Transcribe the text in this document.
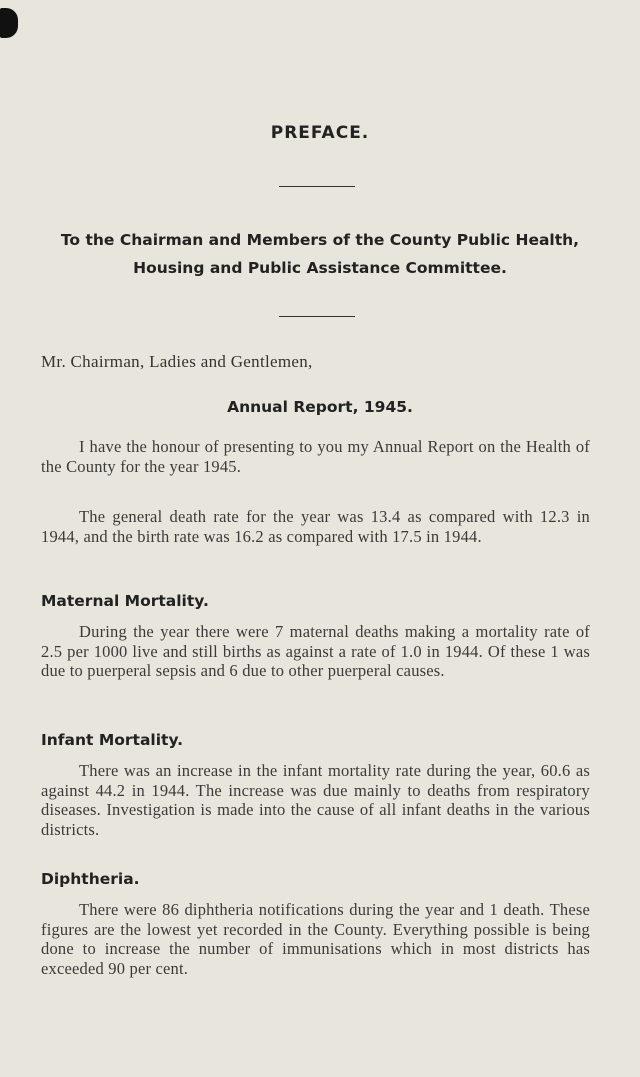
PREFACE.
To the Chairman and Members of the County Public Health,
Housing and Public Assistance Committee.
Mr. Chairman, Ladies and Gentlemen,
Annual Report, 1945.
I have the honour of presenting to you my Annual Report on the Health of the County for the year 1945.
The general death rate for the year was 13.4 as compared with 12.3 in 1944, and the birth rate was 16.2 as compared with 17.5 in 1944.
Maternal Mortality.
During the year there were 7 maternal deaths making a mortality rate of 2.5 per 1000 live and still births as against a rate of 1.0 in 1944. Of these 1 was due to puerperal sepsis and 6 due to other puerperal causes.
Infant Mortality.
There was an increase in the infant mortality rate during the year, 60.6 as against 44.2 in 1944. The increase was due mainly to deaths from respiratory diseases. Investigation is made into the cause of all infant deaths in the various districts.
Diphtheria.
There were 86 diphtheria notifications during the year and 1 death. These figures are the lowest yet recorded in the County. Everything possible is being done to increase the number of immunisations which in most districts has exceeded 90 per cent.
